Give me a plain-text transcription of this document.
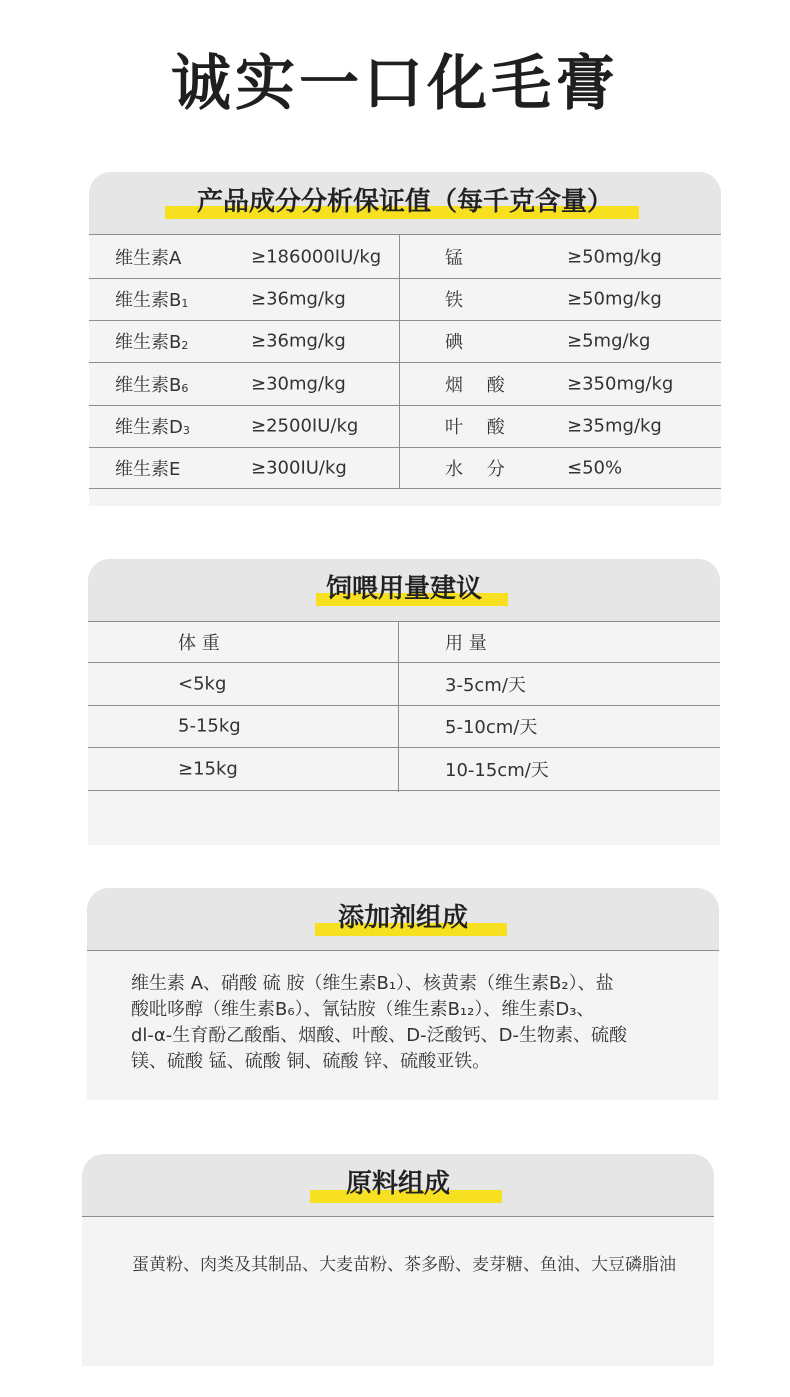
诚实一口化毛膏
产品成分分析保证值（每千克含量）
维生素A	≥186000IU/kg	锰	≥50mg/kg
维生素$B_1$	≥36mg/kg	铁	≥50mg/kg
维生素$B_2$	≥36mg/kg	碘	≥5mg/kg
维生素$B_6$	≥30mg/kg	烟　 酸	≥350mg/kg
维生素$D_3$	≥2500IU/kg	叶　 酸	≥35mg/kg
维生素E	≥300IU/kg	水　 分	≤50%
饲喂用量建议
体 重	用 量
<5kg	3-5cm/天
5-15kg	5-10cm/天
≥15kg	10-15cm/天
添加剂组成
维生素 A、硝酸 硫 胺（维生素B₁）、核黄素（维生素B₂）、盐
酸吡哆醇（维生素B₆）、氰钴胺（维生素B₁₂）、维生素D₃、
dl-α-生育酚乙酸酯、烟酸、叶酸、D-泛酸钙、D-生物素、硫酸
镁、硫酸 锰、硫酸 铜、硫酸 锌、硫酸亚铁。
原料组成
蛋黄粉、肉类及其制品、大麦苗粉、茶多酚、麦芽糖、鱼油、大豆磷脂油
